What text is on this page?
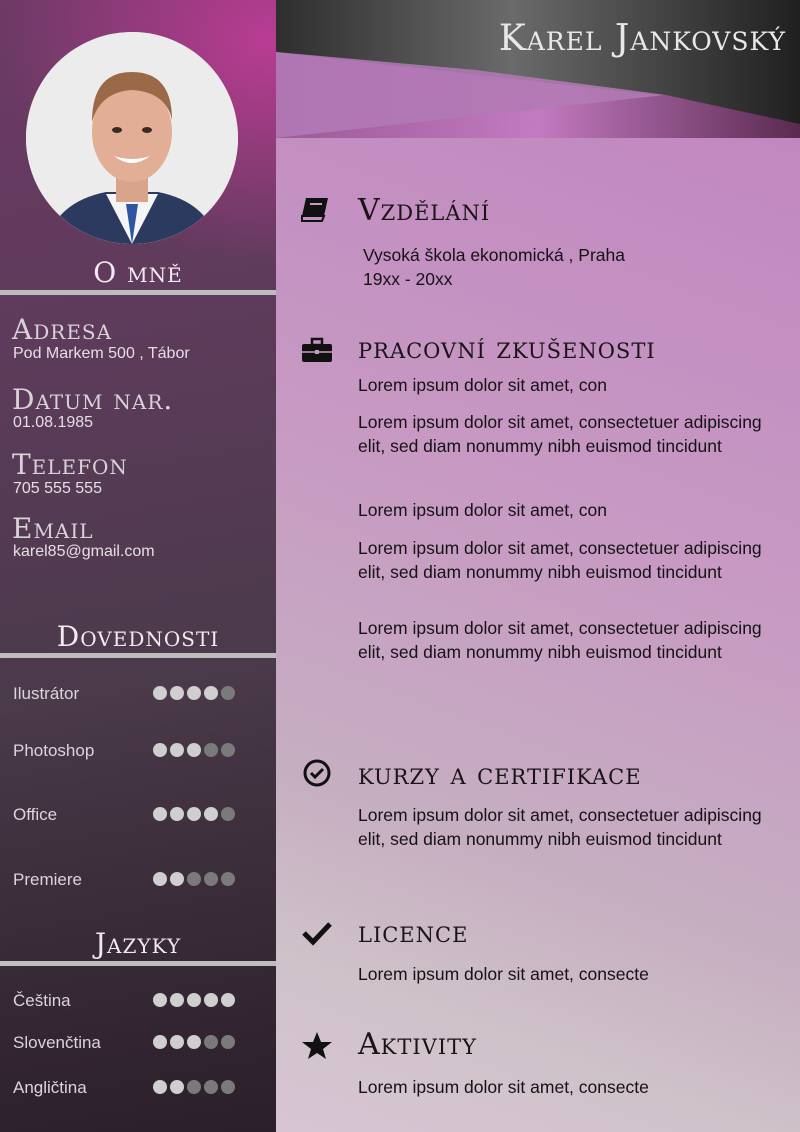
O mně
Adresa
Pod Markem 500 , Tábor
Datum nar.
01.08.1985
Telefon
705 555 555
Email
karel85@gmail.com
Dovednosti
Ilustrátor
Photoshop
Office
Premiere
Jazyky
Čeština
Slovenčtina
Angličtina
Karel Jankovský
Vzdělání
Vysoká škola ekonomická , Praha
19xx - 20xx
pracovní zkušenosti
Lorem ipsum dolor sit amet, con
Lorem ipsum dolor sit amet, consectetuer adipiscing elit, sed diam nonummy nibh euismod tincidunt
Lorem ipsum dolor sit amet, con
Lorem ipsum dolor sit amet, consectetuer adipiscing elit, sed diam nonummy nibh euismod tincidunt
Lorem ipsum dolor sit amet, consectetuer adipiscing elit, sed diam nonummy nibh euismod tincidunt
kurzy a certifikace
Lorem ipsum dolor sit amet, consectetuer adipiscing elit, sed diam nonummy nibh euismod tincidunt
licence
Lorem ipsum dolor sit amet, consecte
Aktivity
Lorem ipsum dolor sit amet, consecte
